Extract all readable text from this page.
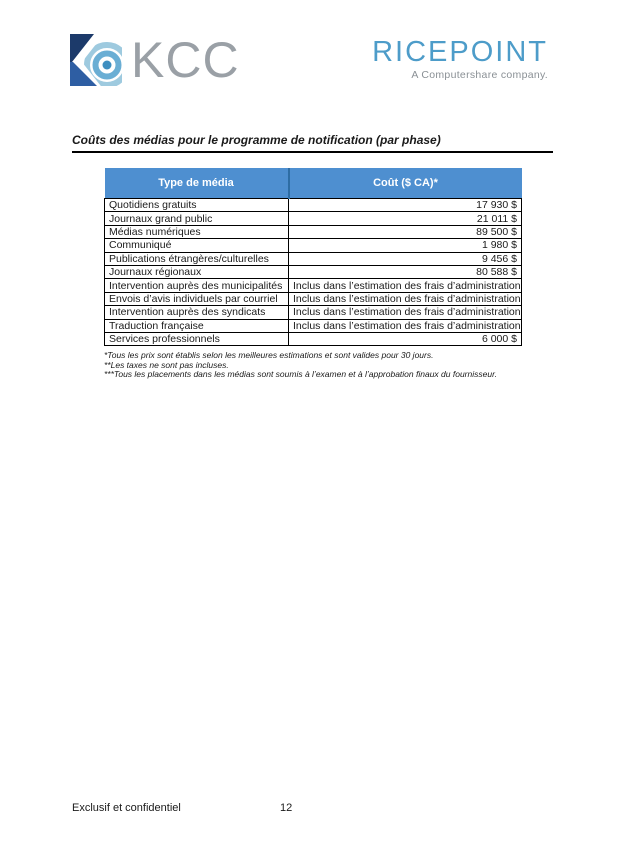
KCC	RICEPOINT
A Computershare company.
Coûts des médias pour le programme de notification (par phase)
Type de média	Coût ($ CA)*
Quotidiens gratuits	17 930 $
Journaux grand public	21 011 $
Médias numériques	89 500 $
Communiqué	1 980 $
Publications étrangères/culturelles	9 456 $
Journaux régionaux	80 588 $
Intervention auprès des municipalités	Inclus dans l’estimation des frais d’administration
Envois d’avis individuels par courriel	Inclus dans l’estimation des frais d’administration
Intervention auprès des syndicats	Inclus dans l’estimation des frais d’administration
Traduction française	Inclus dans l’estimation des frais d’administration
Services professionnels	6 000 $
*Tous les prix sont établis selon les meilleures estimations et sont valides pour 30 jours.
**Les taxes ne sont pas incluses.
***Tous les placements dans les médias sont soumis à l’examen et à l’approbation finaux du fournisseur.
Exclusif et confidentiel	12
